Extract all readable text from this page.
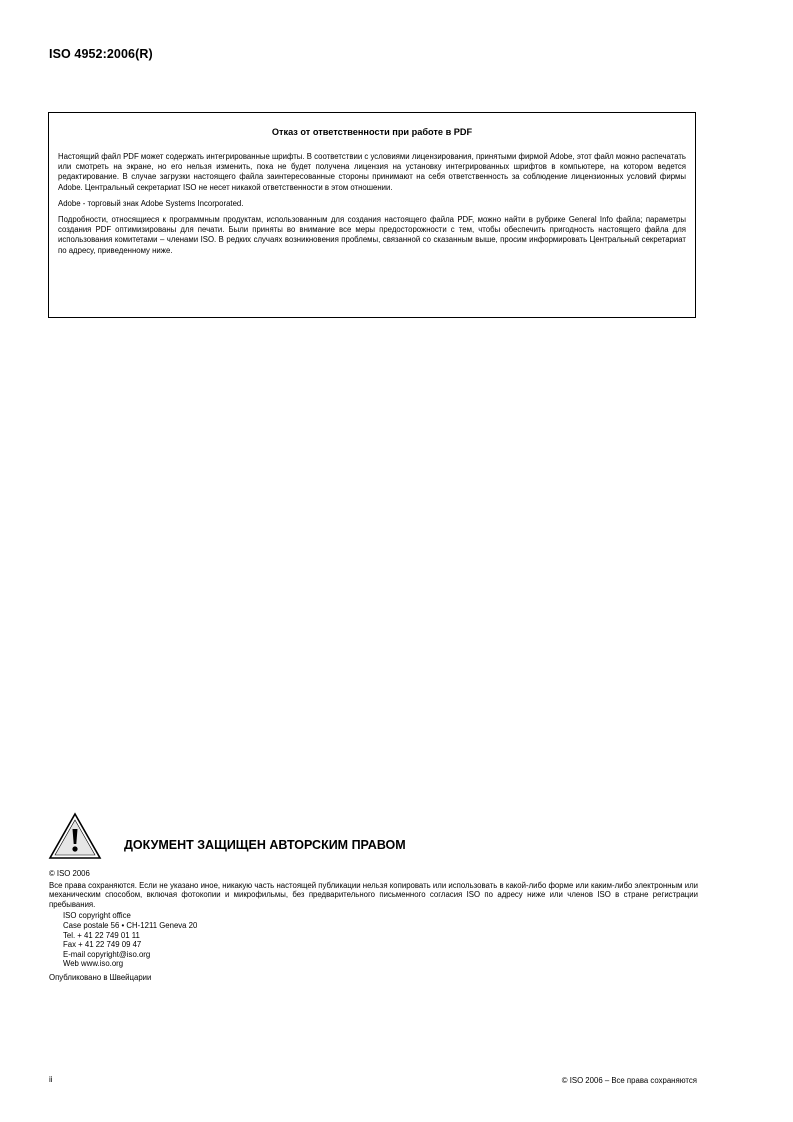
ISO 4952:2006(R)
Отказ от ответственности при работе в PDF

Настоящий файл PDF может содержать интегрированные шрифты. В соответствии с условиями лицензирования, принятыми фирмой Adobe, этот файл можно распечатать или смотреть на экране, но его нельзя изменить, пока не будет получена лицензия на установку интегрированных шрифтов в компьютере, на котором ведется редактирование. В случае загрузки настоящего файла заинтересованные стороны принимают на себя ответственность за соблюдение лицензионных условий фирмы Adobe. Центральный секретариат ISO не несет никакой ответственности в этом отношении.

Adobe - торговый знак Adobe Systems Incorporated.

Подробности, относящиеся к программным продуктам, использованным для создания настоящего файла PDF, можно найти в рубрике General Info файла; параметры создания PDF оптимизированы для печати. Были приняты во внимание все меры предосторожности с тем, чтобы обеспечить пригодность настоящего файла для использования комитетами – членами ISO. В редких случаях возникновения проблемы, связанной со сказанным выше, просим информировать Центральный секретариат по адресу, приведенному ниже.

ДОКУМЕНТ ЗАЩИЩЕН АВТОРСКИМ ПРАВОМ
© ISO 2006
Все права сохраняются. Если не указано иное, никакую часть настоящей публикации нельзя копировать или использовать в какой-либо форме или каким-либо электронным или механическим способом, включая фотокопии и микрофильмы, без предварительного письменного согласия ISO по адресу ниже или членов ISO в стране регистрации пребывания.
ISO copyright office
Case postale 56 • CH-1211 Geneva 20
Tel. + 41 22 749 01 11
Fax + 41 22 749 09 47
E-mail copyright@iso.org
Web www.iso.org
Опубликовано в Швейцарии
ii	© ISO 2006 – Все права сохраняются
